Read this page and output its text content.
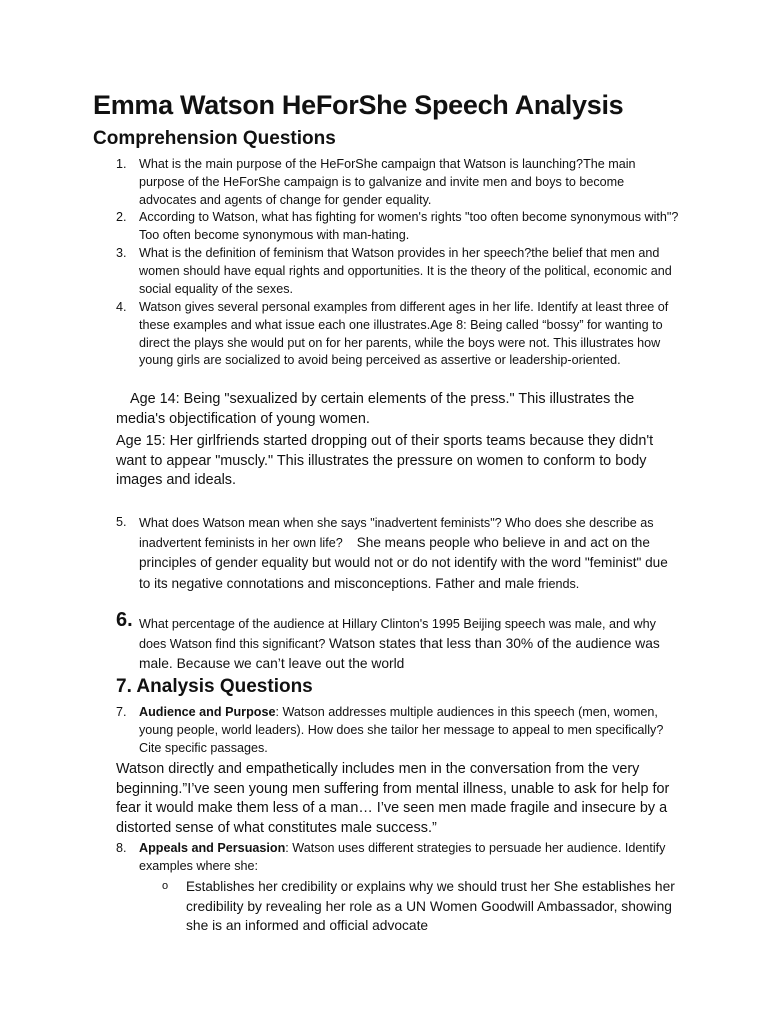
Emma Watson HeForShe Speech Analysis
Comprehension Questions
1. What is the main purpose of the HeForShe campaign that Watson is launching?The main purpose of the HeForShe campaign is to galvanize and invite men and boys to become advocates and agents of change for gender equality.
2. According to Watson, what has fighting for women's rights "too often become synonymous with"? Too often become synonymous with man-hating.
3. What is the definition of feminism that Watson provides in her speech?the belief that men and women should have equal rights and opportunities. It is the theory of the political, economic and social equality of the sexes.
4. Watson gives several personal examples from different ages in her life. Identify at least three of these examples and what issue each one illustrates.Age 8: Being called “bossy” for wanting to direct the plays she would put on for her parents, while the boys were not. This illustrates how young girls are socialized to avoid being perceived as assertive or leadership-oriented.
Age 14: Being "sexualized by certain elements of the press." This illustrates the media's objectification of young women.
Age 15: Her girlfriends started dropping out of their sports teams because they didn't want to appear "muscly." This illustrates the pressure on women to conform to body images and ideals.
5. What does Watson mean when she says "inadvertent feminists"? Who does she describe as inadvertent feminists in her own life? She means people who believe in and act on the principles of gender equality but would not or do not identify with the word "feminist" due to its negative connotations and misconceptions. Father and male friends.
6. What percentage of the audience at Hillary Clinton's 1995 Beijing speech was male, and why does Watson find this significant? Watson states that less than 30% of the audience was male. Because we can’t leave out the world
7. Analysis Questions
7. Audience and Purpose: Watson addresses multiple audiences in this speech (men, women, young people, world leaders). How does she tailor her message to appeal to men specifically? Cite specific passages.
Watson directly and empathetically includes men in the conversation from the very beginning.”I’ve seen young men suffering from mental illness, unable to ask for help for fear it would make them less of a man… I’ve seen men made fragile and insecure by a distorted sense of what constitutes male success.”
8. Appeals and Persuasion: Watson uses different strategies to persuade her audience. Identify examples where she:
o Establishes her credibility or explains why we should trust her She establishes her credibility by revealing her role as a UN Women Goodwill Ambassador, showing she is an informed and official advocate
